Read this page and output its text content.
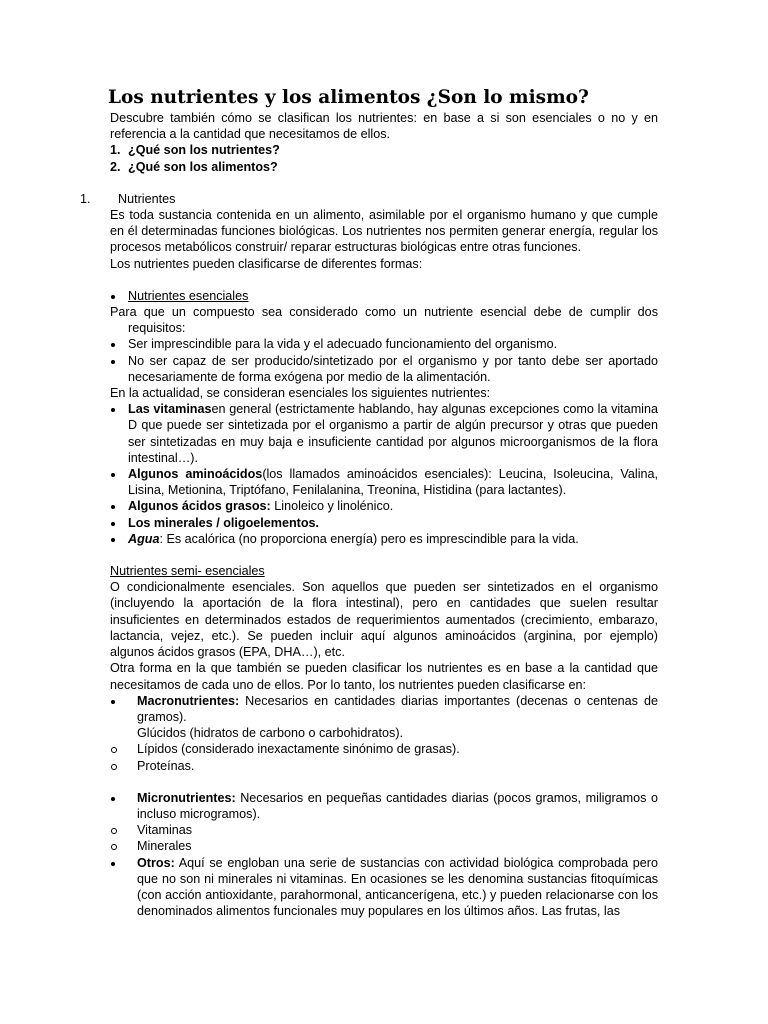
Los nutrientes y los alimentos ¿Son lo mismo?

Descubre también cómo se clasifican los nutrientes: en base a si son esenciales o no y en referencia a la cantidad que necesitamos de ellos.

1. ¿Qué son los nutrientes?
2. ¿Qué son los alimentos?

1. Nutrientes

Es toda sustancia contenida en un alimento, asimilable por el organismo humano y que cumple en él determinadas funciones biológicas. Los nutrientes nos permiten generar energía, regular los procesos metabólicos construir/ reparar estructuras biológicas entre otras funciones.

Los nutrientes pueden clasificarse de diferentes formas:

Nutrientes esenciales

Para que un compuesto sea considerado como un nutriente esencial debe de cumplir dos
requisitos:

Ser imprescindible para la vida y el adecuado funcionamiento del organismo.

No ser capaz de ser producido/sintetizado por el organismo y por tanto debe ser aportado necesariamente de forma exógena por medio de la alimentación.

En la actualidad, se consideran esenciales los siguientes nutrientes:

Las vitaminasen general (estrictamente hablando, hay algunas excepciones como la vitamina D que puede ser sintetizada por el organismo a partir de algún precursor y otras que pueden ser sintetizadas en muy baja e insuficiente cantidad por algunos microorganismos de la flora intestinal…).

Algunos aminoácidos(los llamados aminoácidos esenciales): Leucina, Isoleucina, Valina, Lisina, Metionina, Triptófano, Fenilalanina, Treonina, Histidina (para lactantes).

Algunos ácidos grasos: Linoleico y linolénico.

Los minerales / oligoelementos.

Agua: Es acalórica (no proporciona energía) pero es imprescindible para la vida.

Nutrientes semi- esenciales

O condicionalmente esenciales. Son aquellos que pueden ser sintetizados en el organismo (incluyendo la aportación de la flora intestinal), pero en cantidades que suelen resultar insuficientes en determinados estados de requerimientos aumentados (crecimiento, embarazo, lactancia, vejez, etc.). Se pueden incluir aquí algunos aminoácidos (arginina, por ejemplo) algunos ácidos grasos (EPA, DHA…), etc.

Otra forma en la que también se pueden clasificar los nutrientes es en base a la cantidad que necesitamos de cada uno de ellos. Por lo tanto, los nutrientes pueden clasificarse en:

Macronutrientes: Necesarios en cantidades diarias importantes (decenas o centenas de gramos).

Glúcidos (hidratos de carbono o carbohidratos).

Lípidos (considerado inexactamente sinónimo de grasas).

Proteínas.

Micronutrientes: Necesarios en pequeñas cantidades diarias (pocos gramos, miligramos o incluso microgramos).

Vitaminas

Minerales

Otros: Aquí se engloban una serie de sustancias con actividad biológica comprobada pero que no son ni minerales ni vitaminas. En ocasiones se les denomina sustancias fitoquímicas (con acción antioxidante, parahormonal, anticancerígena, etc.) y pueden relacionarse con los denominados alimentos funcionales muy populares en los últimos años. Las frutas, las
